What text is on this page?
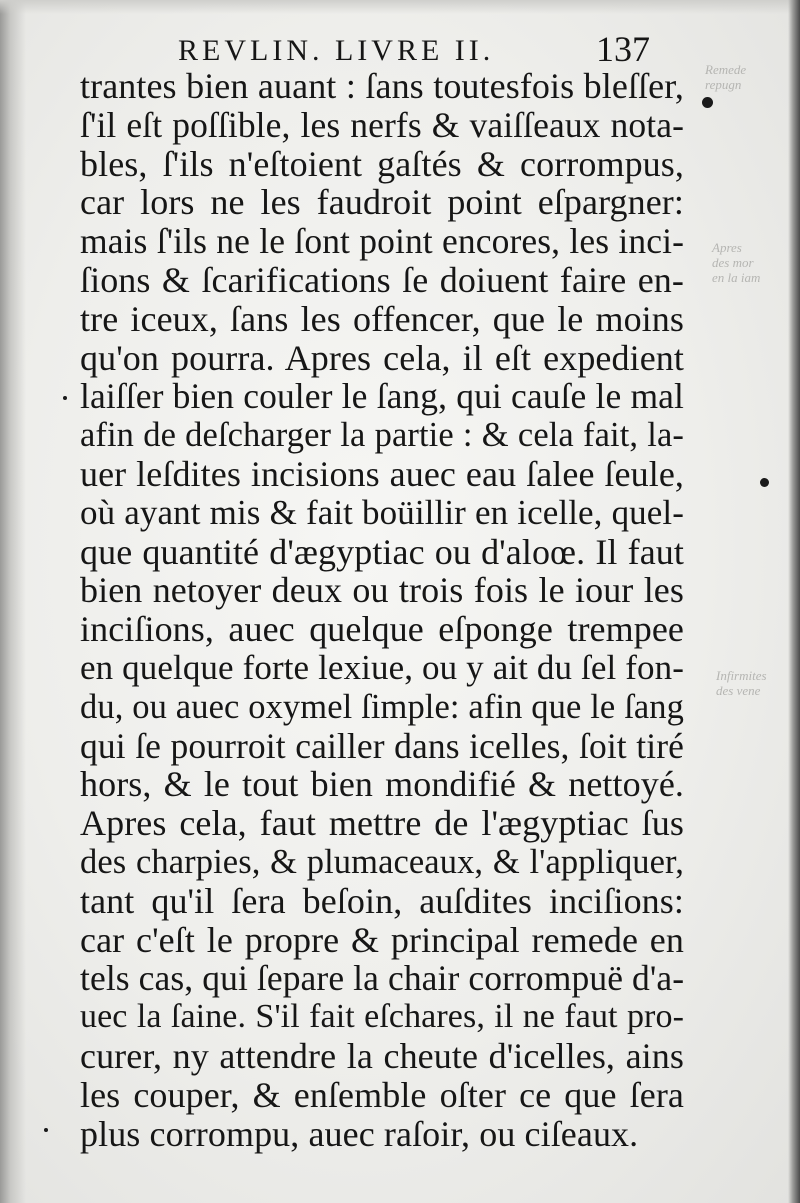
Remede
repugn
Apres
des mor
en la iam
Infirmites
des vene
REVLIN. LIVRE II.	137
trantes bien auant : ſans toutesfois bleſſer,
ſ'il eſt poſſible, les nerfs & vaiſſeaux nota-
bles, ſ'ils n'eſtoient gaſtés & corrompus,
car lors ne les faudroit point eſpargner:
mais ſ'ils ne le ſont point encores, les inci-
ſions & ſcarifications ſe doiuent faire en-
tre iceux, ſans les offencer, que le moins
qu'on pourra. Apres cela, il eſt expedient
laiſſer bien couler le ſang, qui cauſe le mal
afin de deſcharger la partie : & cela fait, la-
uer leſdites incisions auec eau ſalee ſeule,
où ayant mis & fait boüillir en icelle, quel-
que quantité d'ægyptiac ou d'aloœ. Il faut
bien netoyer deux ou trois fois le iour les
inciſions, auec quelque eſponge trempee
en quelque forte lexiue, ou y ait du ſel fon-
du, ou auec oxymel ſimple: afin que le ſang
qui ſe pourroit cailler dans icelles, ſoit tiré
hors, & le tout bien mondifié & nettoyé.
Apres cela, faut mettre de l'ægyptiac ſus
des charpies, & plumaceaux, & l'appliquer,
tant qu'il ſera beſoin, auſdites inciſions:
car c'eſt le propre & principal remede en
tels cas, qui ſepare la chair corrompuë d'a-
uec la ſaine. S'il fait eſchares, il ne faut pro-
curer, ny attendre la cheute d'icelles, ains
les couper, & enſemble oſter ce que ſera
plus corrompu, auec raſoir, ou ciſeaux.
